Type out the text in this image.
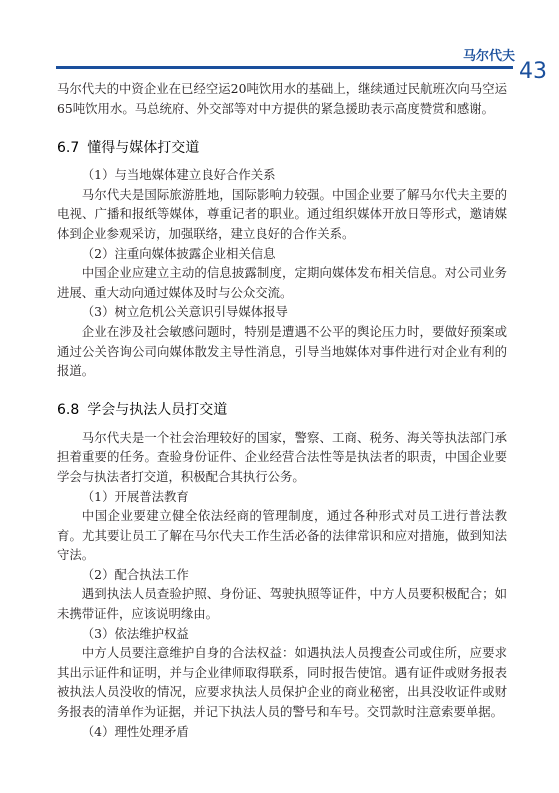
马尔代夫
43

马尔代夫的中资企业在已经空运20吨饮用水的基础上，继续通过民航班次向马空运65吨饮用水。马总统府、外交部等对中方提供的紧急援助表示高度赞赏和感谢。

6.7 懂得与媒体打交道

（1）与当地媒体建立良好合作关系

马尔代夫是国际旅游胜地，国际影响力较强。中国企业要了解马尔代夫主要的电视、广播和报纸等媒体，尊重记者的职业。通过组织媒体开放日等形式，邀请媒体到企业参观采访，加强联络，建立良好的合作关系。

（2）注重向媒体披露企业相关信息

中国企业应建立主动的信息披露制度，定期向媒体发布相关信息。对公司业务进展、重大动向通过媒体及时与公众交流。

（3）树立危机公关意识引导媒体报导

企业在涉及社会敏感问题时，特别是遭遇不公平的舆论压力时，要做好预案或通过公关咨询公司向媒体散发主导性消息，引导当地媒体对事件进行对企业有利的报道。

6.8 学会与执法人员打交道

马尔代夫是一个社会治理较好的国家，警察、工商、税务、海关等执法部门承担着重要的任务。查验身份证件、企业经营合法性等是执法者的职责，中国企业要学会与执法者打交道，积极配合其执行公务。

（1）开展普法教育

中国企业要建立健全依法经商的管理制度，通过各种形式对员工进行普法教育。尤其要让员工了解在马尔代夫工作生活必备的法律常识和应对措施，做到知法守法。

（2）配合执法工作

遇到执法人员查验护照、身份证、驾驶执照等证件，中方人员要积极配合；如未携带证件，应该说明缘由。

（3）依法维护权益

中方人员要注意维护自身的合法权益：如遇执法人员搜查公司或住所，应要求其出示证件和证明，并与企业律师取得联系，同时报告使馆。遇有证件或财务报表被执法人员没收的情况，应要求执法人员保护企业的商业秘密，出具没收证件或财务报表的清单作为证据，并记下执法人员的警号和车号。交罚款时注意索要单据。

（4）理性处理矛盾
